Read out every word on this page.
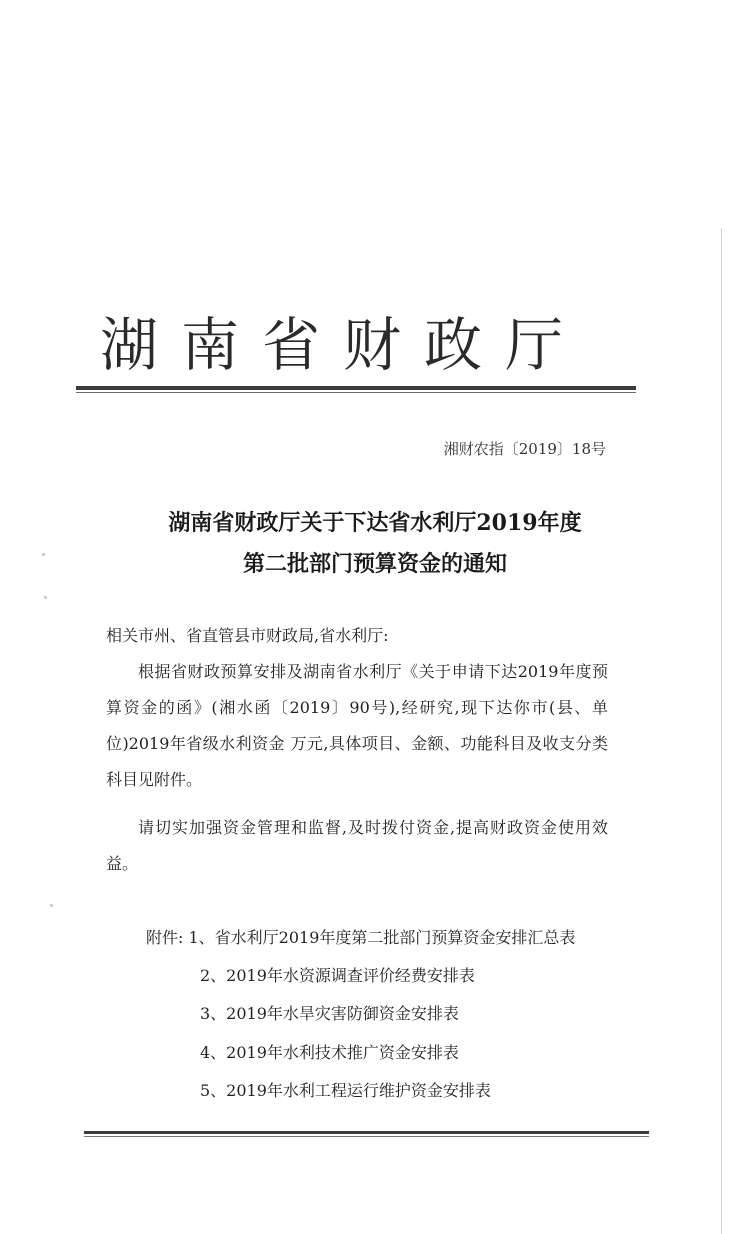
湖南省财政厅
湘财农指〔2019〕18号
湖南省财政厅关于下达省水利厅2019年度
第二批部门预算资金的通知
相关市州、省直管县市财政局,省水利厅:
根据省财政预算安排及湖南省水利厅《关于申请下达2019年度预算资金的函》(湘水函〔2019〕90号),经研究,现下达你市(县、单位)2019年省级水利资金 万元,具体项目、金额、功能科目及收支分类科目见附件。
请切实加强资金管理和监督,及时拨付资金,提高财政资金使用效益。
附件: 1、省水利厅2019年度第二批部门预算资金安排汇总表
2、2019年水资源调查评价经费安排表
3、2019年水旱灾害防御资金安排表
4、2019年水利技术推广资金安排表
5、2019年水利工程运行维护资金安排表
